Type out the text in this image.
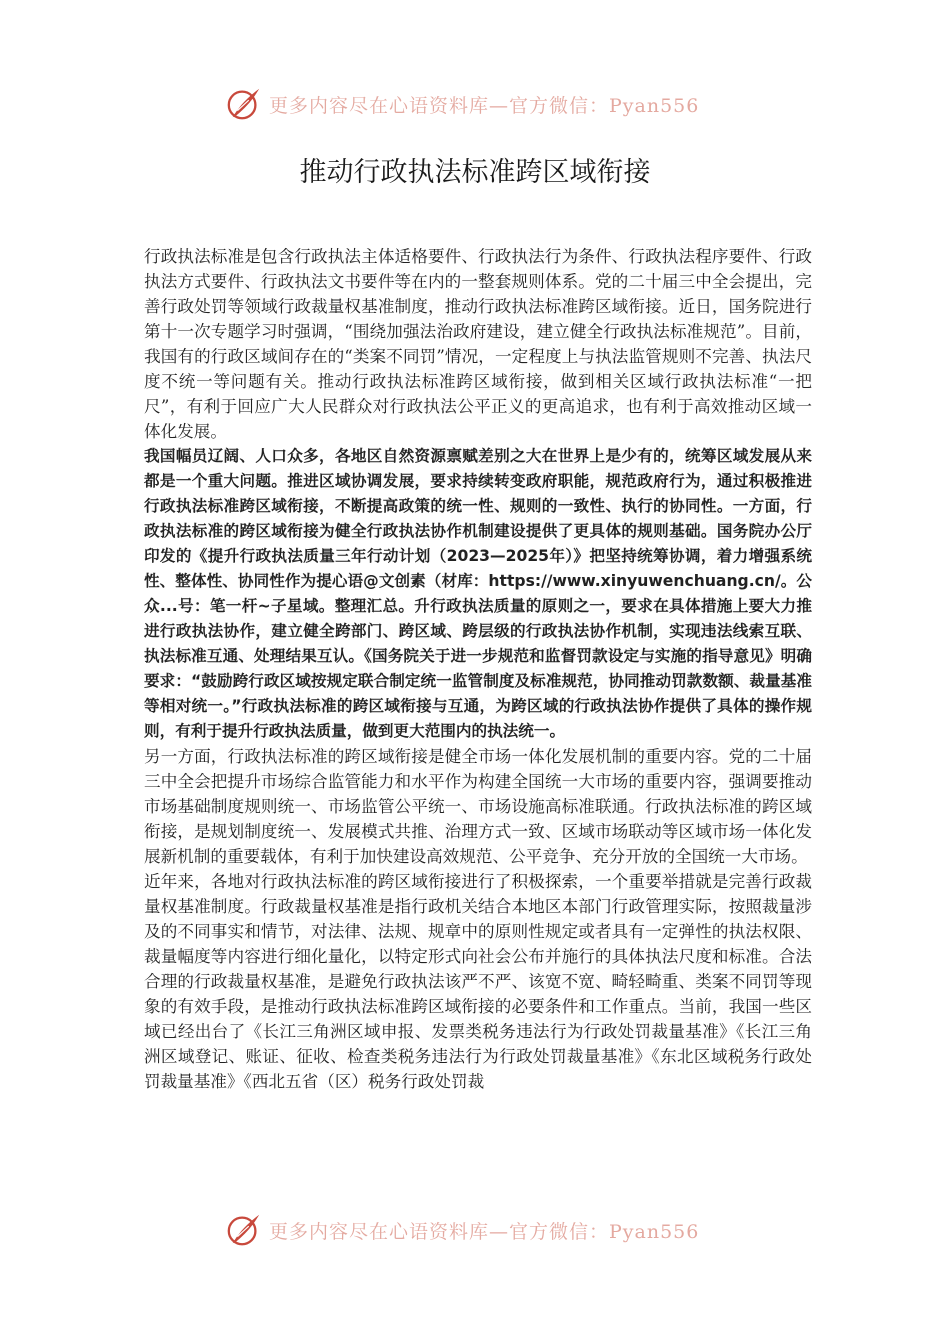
更多内容尽在心语资料库—官方微信：Pyan556
推动行政执法标准跨区域衔接

行政执法标准是包含行政执法主体适格要件、行政执法行为条件、行政执法程序要件、行政执法方式要件、行政执法文书要件等在内的一整套规则体系。党的二十届三中全会提出，完善行政处罚等领域行政裁量权基准制度，推动行政执法标准跨区域衔接。近日，国务院进行第十一次专题学习时强调，“围绕加强法治政府建设，建立健全行政执法标准规范”。目前，我国有的行政区域间存在的“类案不同罚”情况，一定程度上与执法监管规则不完善、执法尺度不统一等问题有关。推动行政执法标准跨区域衔接，做到相关区域行政执法标准“一把尺”，有利于回应广大人民群众对行政执法公平正义的更高追求，也有利于高效推动区域一体化发展。

我国幅员辽阔、人口众多，各地区自然资源禀赋差别之大在世界上是少有的，统筹区域发展从来都是一个重大问题。推进区域协调发展，要求持续转变政府职能，规范政府行为，通过积极推进行政执法标准跨区域衔接，不断提高政策的统一性、规则的一致性、执行的协同性。一方面，行政执法标准的跨区域衔接为健全行政执法协作机制建设提供了更具体的规则基础。国务院办公厅印发的《提升行政执法质量三年行动计划（2023—2025年）》把坚持统筹协调，着力增强系统性、整体性、协同性作为提心语@文创素（材库：https://www.xinyuwenchuang.cn/。公众...号：笔一杆~子星域。整理汇总。升行政执法质量的原则之一，要求在具体措施上要大力推进行政执法协作，建立健全跨部门、跨区域、跨层级的行政执法协作机制，实现违法线索互联、执法标准互通、处理结果互认。《国务院关于进一步规范和监督罚款设定与实施的指导意见》明确要求：“鼓励跨行政区域按规定联合制定统一监管制度及标准规范，协同推动罚款数额、裁量基准等相对统一。”行政执法标准的跨区域衔接与互通，为跨区域的行政执法协作提供了具体的操作规则，有利于提升行政执法质量，做到更大范围内的执法统一。

另一方面，行政执法标准的跨区域衔接是健全市场一体化发展机制的重要内容。党的二十届三中全会把提升市场综合监管能力和水平作为构建全国统一大市场的重要内容，强调要推动市场基础制度规则统一、市场监管公平统一、市场设施高标准联通。行政执法标准的跨区域衔接，是规划制度统一、发展模式共推、治理方式一致、区域市场联动等区域市场一体化发展新机制的重要载体，有利于加快建设高效规范、公平竞争、充分开放的全国统一大市场。

近年来，各地对行政执法标准的跨区域衔接进行了积极探索，一个重要举措就是完善行政裁量权基准制度。行政裁量权基准是指行政机关结合本地区本部门行政管理实际，按照裁量涉及的不同事实和情节，对法律、法规、规章中的原则性规定或者具有一定弹性的执法权限、裁量幅度等内容进行细化量化，以特定形式向社会公布并施行的具体执法尺度和标准。合法合理的行政裁量权基准，是避免行政执法该严不严、该宽不宽、畸轻畸重、类案不同罚等现象的有效手段，是推动行政执法标准跨区域衔接的必要条件和工作重点。当前，我国一些区域已经出台了《长江三角洲区域申报、发票类税务违法行为行政处罚裁量基准》《长江三角洲区域登记、账证、征收、检查类税务违法行为行政处罚裁量基准》《东北区域税务行政处罚裁量基准》《西北五省（区）税务行政处罚裁

更多内容尽在心语资料库—官方微信：Pyan556
